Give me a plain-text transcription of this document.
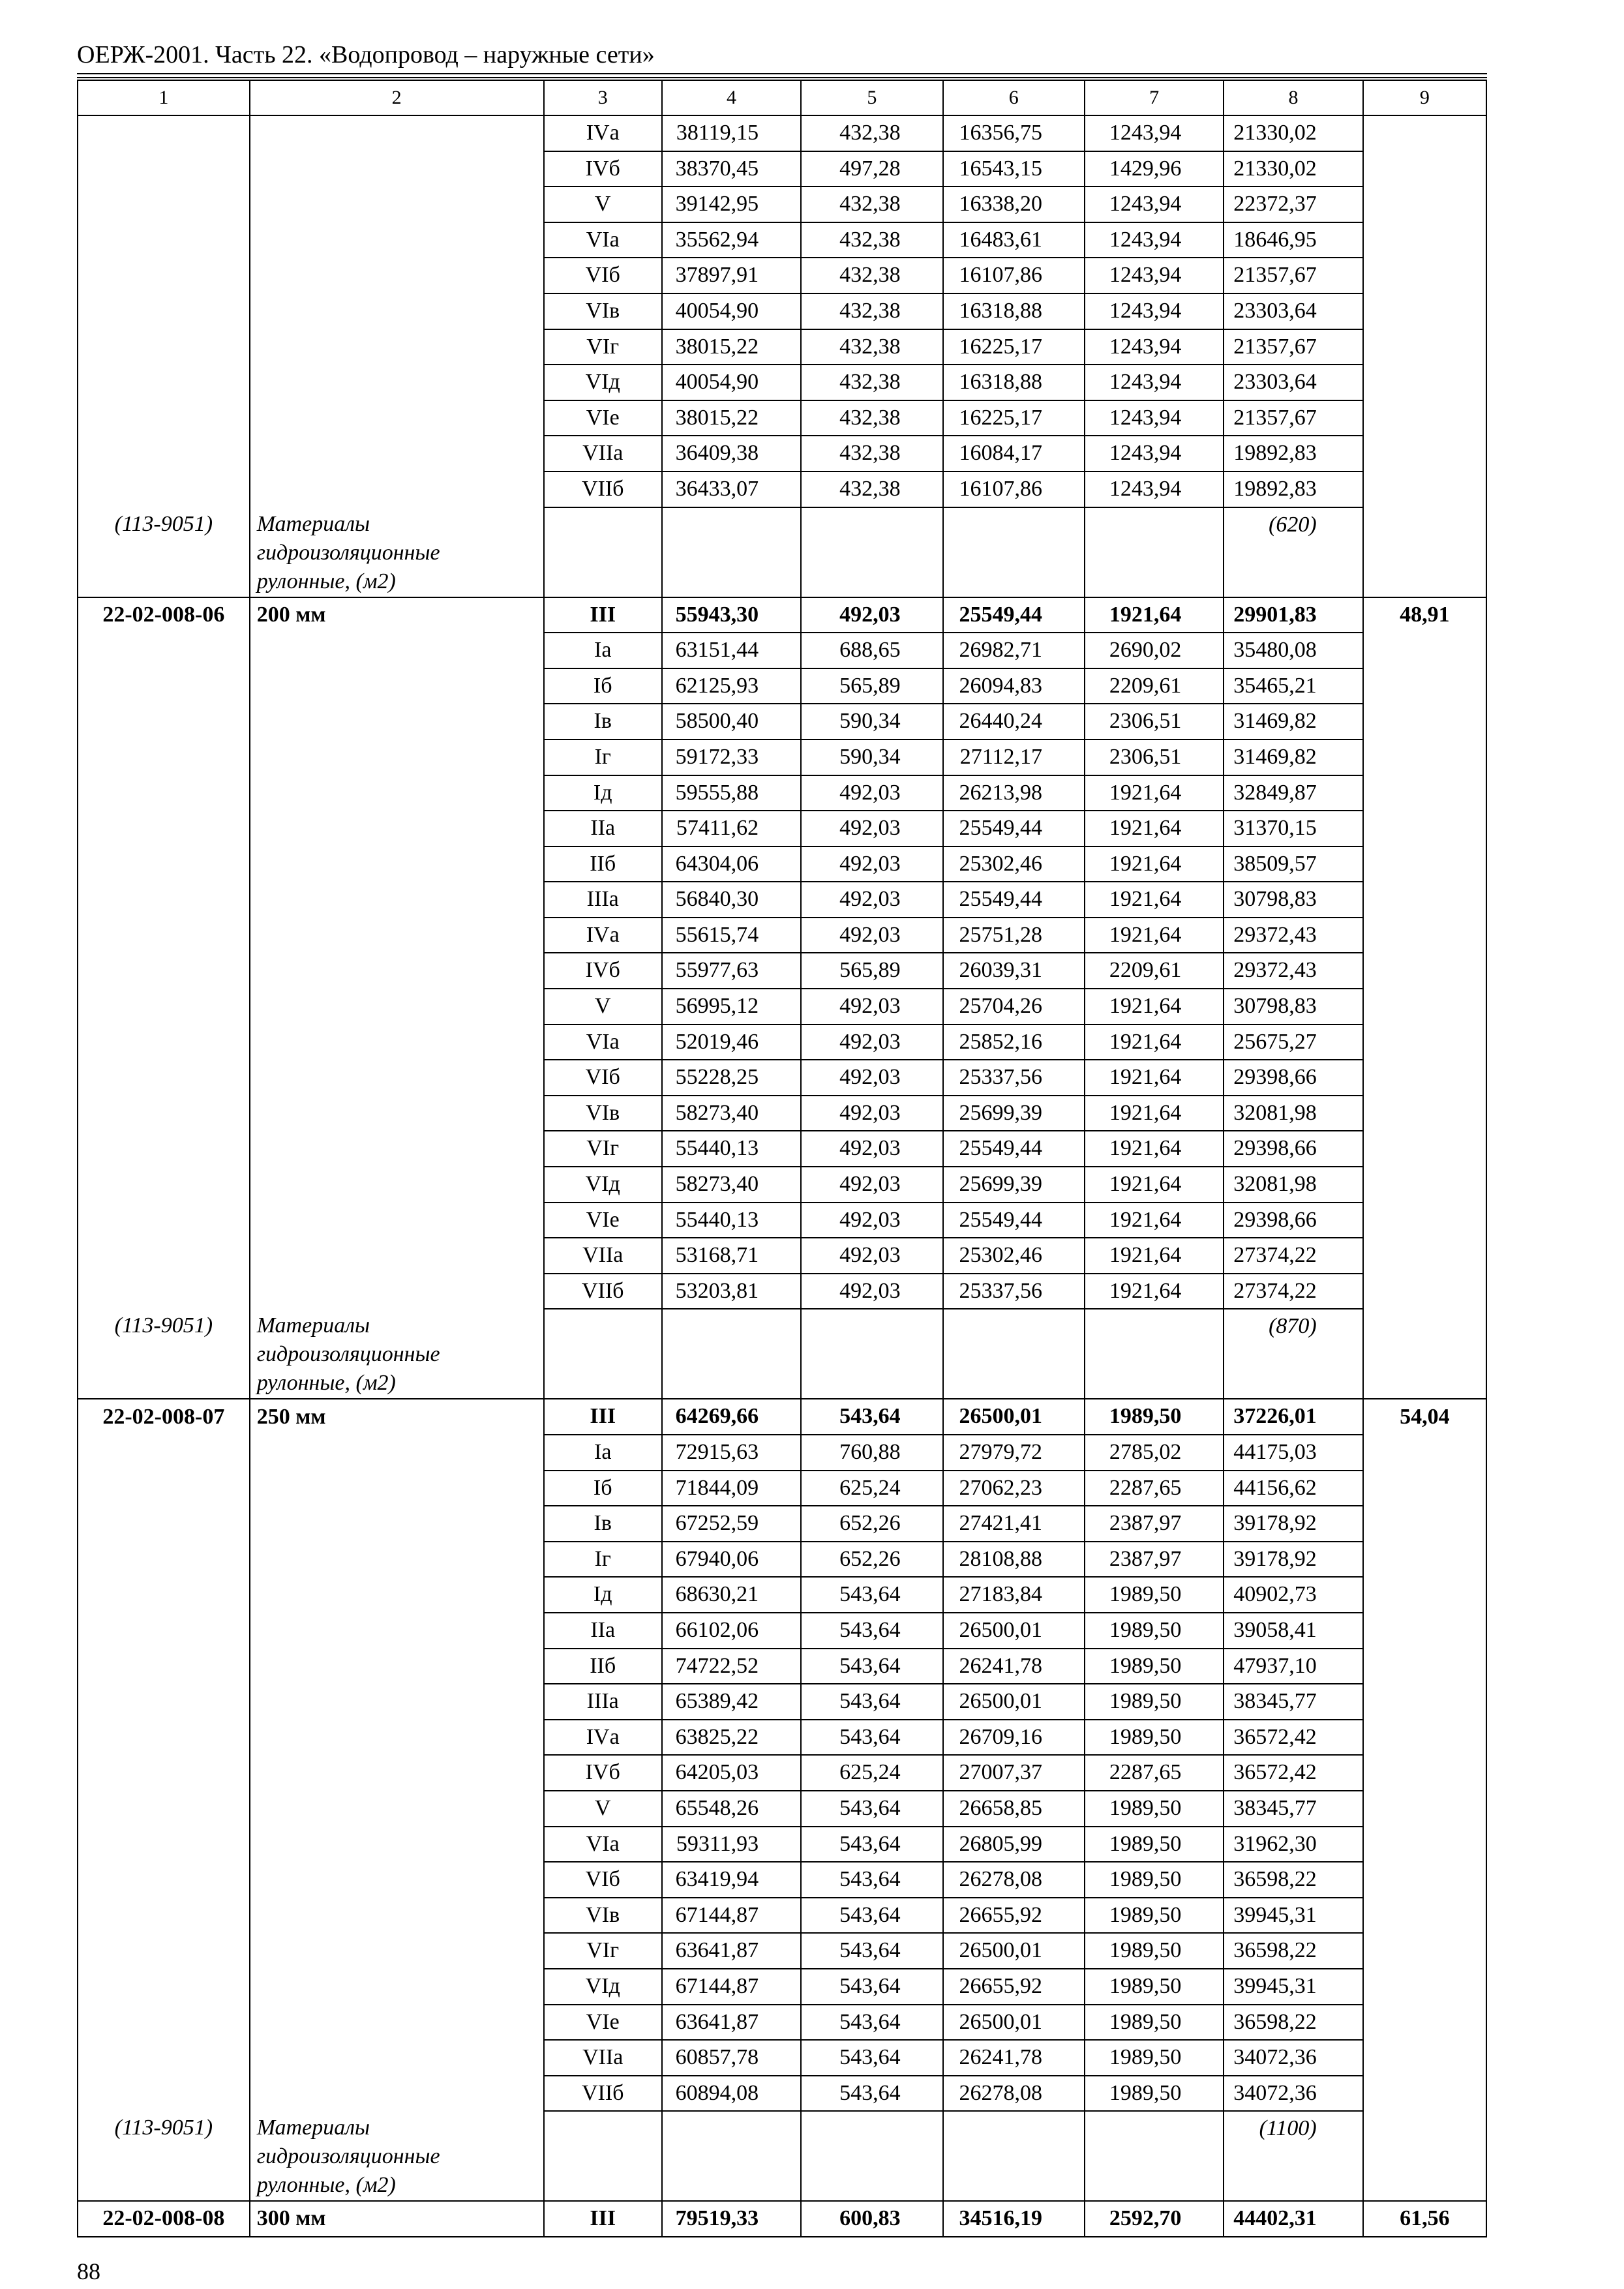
ОЕРЖ-2001. Часть 22. «Водопровод – наружные сети»
1	2	3	4	5	6	7	8	9
		IVа	38119,15	432,38	16356,75	1243,94	21330,02	
		IVб	38370,45	497,28	16543,15	1429,96	21330,02	
		V	39142,95	432,38	16338,20	1243,94	22372,37	
		VIа	35562,94	432,38	16483,61	1243,94	18646,95	
		VIб	37897,91	432,38	16107,86	1243,94	21357,67	
		VIв	40054,90	432,38	16318,88	1243,94	23303,64	
		VIг	38015,22	432,38	16225,17	1243,94	21357,67	
		VIд	40054,90	432,38	16318,88	1243,94	23303,64	
		VIе	38015,22	432,38	16225,17	1243,94	21357,67	
		VIIа	36409,38	432,38	16084,17	1243,94	19892,83	
		VIIб	36433,07	432,38	16107,86	1243,94	19892,83	
(113-9051)	Материалы гидроизоляционные рулонные, (м2)						(620)	
22-02-008-06	200 мм	III	55943,30	492,03	25549,44	1921,64	29901,83	48,91
		Iа	63151,44	688,65	26982,71	2690,02	35480,08	
		Iб	62125,93	565,89	26094,83	2209,61	35465,21	
		Iв	58500,40	590,34	26440,24	2306,51	31469,82	
		Iг	59172,33	590,34	27112,17	2306,51	31469,82	
		Iд	59555,88	492,03	26213,98	1921,64	32849,87	
		IIа	57411,62	492,03	25549,44	1921,64	31370,15	
		IIб	64304,06	492,03	25302,46	1921,64	38509,57	
		IIIа	56840,30	492,03	25549,44	1921,64	30798,83	
		IVа	55615,74	492,03	25751,28	1921,64	29372,43	
		IVб	55977,63	565,89	26039,31	2209,61	29372,43	
		V	56995,12	492,03	25704,26	1921,64	30798,83	
		VIа	52019,46	492,03	25852,16	1921,64	25675,27	
		VIб	55228,25	492,03	25337,56	1921,64	29398,66	
		VIв	58273,40	492,03	25699,39	1921,64	32081,98	
		VIг	55440,13	492,03	25549,44	1921,64	29398,66	
		VIд	58273,40	492,03	25699,39	1921,64	32081,98	
		VIе	55440,13	492,03	25549,44	1921,64	29398,66	
		VIIа	53168,71	492,03	25302,46	1921,64	27374,22	
		VIIб	53203,81	492,03	25337,56	1921,64	27374,22	
(113-9051)	Материалы гидроизоляционные рулонные, (м2)						(870)	
22-02-008-07	250 мм	III	64269,66	543,64	26500,01	1989,50	37226,01	54,04
		Iа	72915,63	760,88	27979,72	2785,02	44175,03	
		Iб	71844,09	625,24	27062,23	2287,65	44156,62	
		Iв	67252,59	652,26	27421,41	2387,97	39178,92	
		Iг	67940,06	652,26	28108,88	2387,97	39178,92	
		Iд	68630,21	543,64	27183,84	1989,50	40902,73	
		IIа	66102,06	543,64	26500,01	1989,50	39058,41	
		IIб	74722,52	543,64	26241,78	1989,50	47937,10	
		IIIа	65389,42	543,64	26500,01	1989,50	38345,77	
		IVа	63825,22	543,64	26709,16	1989,50	36572,42	
		IVб	64205,03	625,24	27007,37	2287,65	36572,42	
		V	65548,26	543,64	26658,85	1989,50	38345,77	
		VIа	59311,93	543,64	26805,99	1989,50	31962,30	
		VIб	63419,94	543,64	26278,08	1989,50	36598,22	
		VIв	67144,87	543,64	26655,92	1989,50	39945,31	
		VIг	63641,87	543,64	26500,01	1989,50	36598,22	
		VIд	67144,87	543,64	26655,92	1989,50	39945,31	
		VIе	63641,87	543,64	26500,01	1989,50	36598,22	
		VIIа	60857,78	543,64	26241,78	1989,50	34072,36	
		VIIб	60894,08	543,64	26278,08	1989,50	34072,36	
(113-9051)	Материалы гидроизоляционные рулонные, (м2)						(1100)	
22-02-008-08	300 мм	III	79519,33	600,83	34516,19	2592,70	44402,31	61,56
88
